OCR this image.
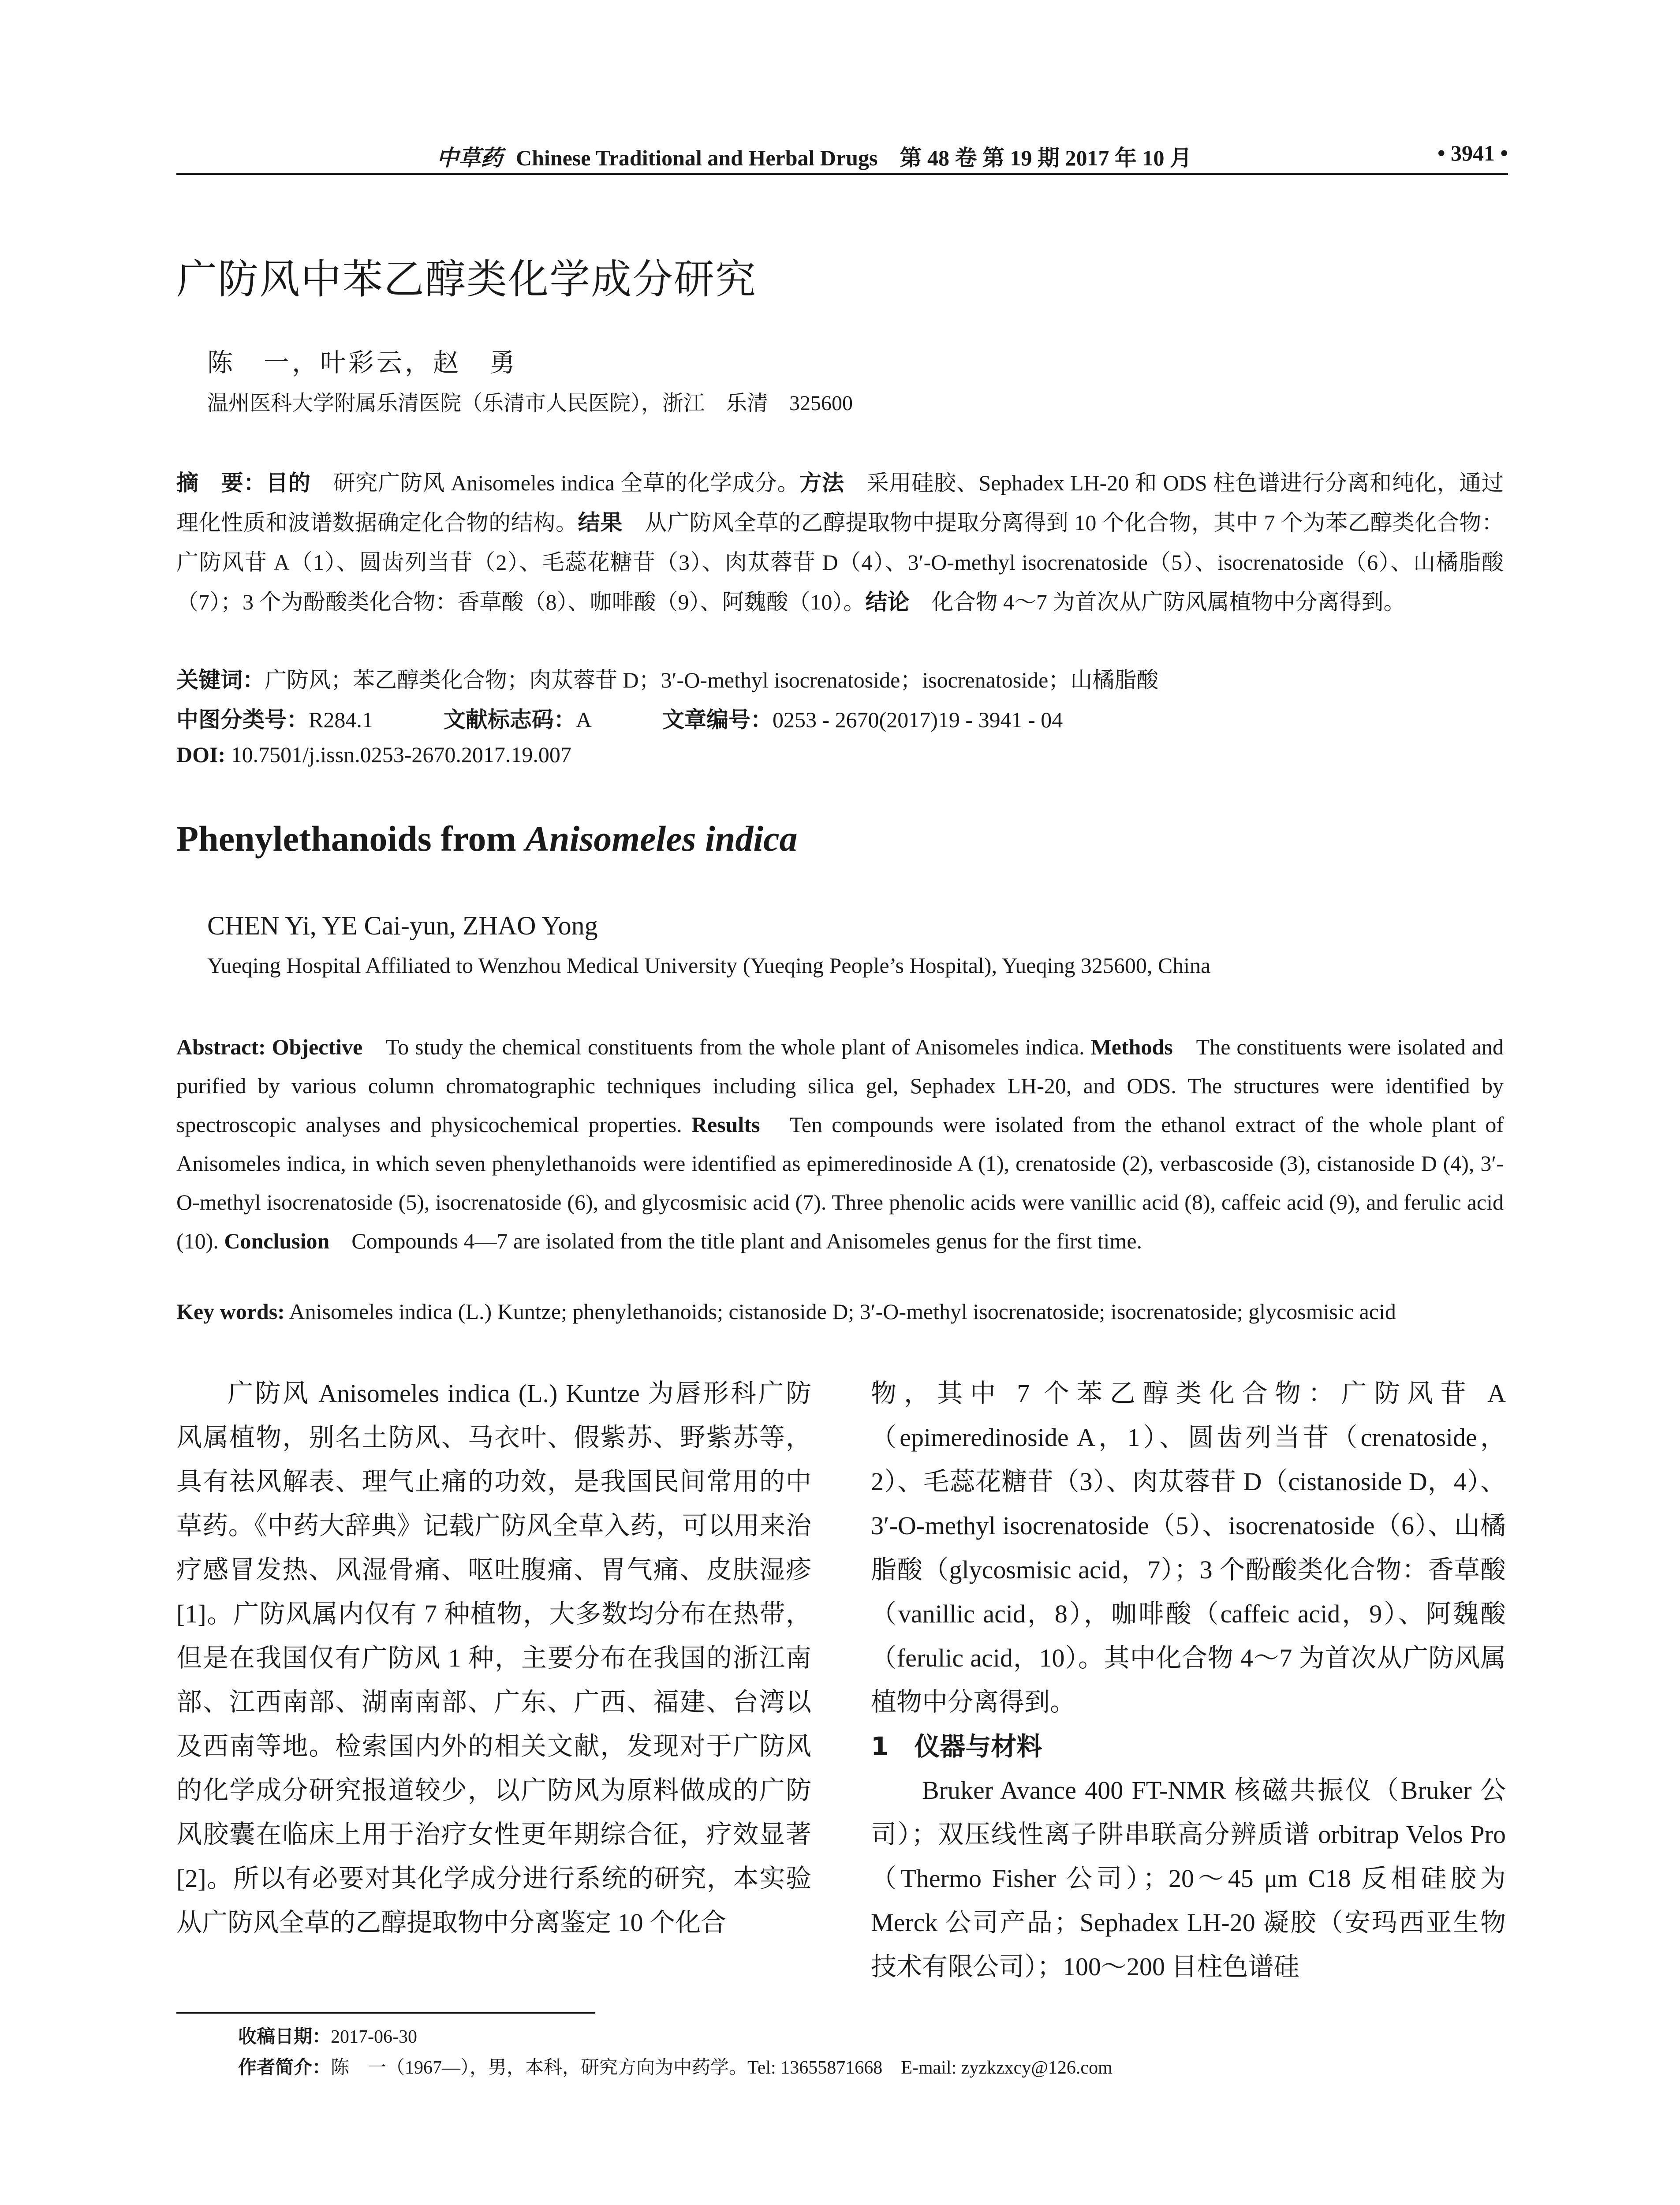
中草药 Chinese Traditional and Herbal Drugs　第 48 卷 第 19 期 2017 年 10 月	• 3941 •
广防风中苯乙醇类化学成分研究
陈　一，叶彩云，赵　勇
温州医科大学附属乐清医院（乐清市人民医院），浙江　乐清　325600
摘　要：目的　研究广防风 Anisomeles indica 全草的化学成分。方法　采用硅胶、Sephadex LH-20 和 ODS 柱色谱进行分离和纯化，通过理化性质和波谱数据确定化合物的结构。结果　从广防风全草的乙醇提取物中提取分离得到 10 个化合物，其中 7 个为苯乙醇类化合物：广防风苷 A（1）、圆齿列当苷（2）、毛蕊花糖苷（3）、肉苁蓉苷 D（4）、3′-O-methyl isocrenatoside（5）、isocrenatoside（6）、山橘脂酸（7）；3 个为酚酸类化合物：香草酸（8）、咖啡酸（9）、阿魏酸（10）。结论　 化合物 4～7 为首次从广防风属植物中分离得到。
关键词：广防风；苯乙醇类化合物；肉苁蓉苷 D；3′-O-methyl isocrenatoside；isocrenatoside；山橘脂酸
中图分类号：R284.1	文献标志码：A	文章编号：0253 - 2670(2017)19 - 3941 - 04
DOI: 10.7501/j.issn.0253-2670.2017.19.007
Phenylethanoids from Anisomeles indica
CHEN Yi, YE Cai-yun, ZHAO Yong
Yueqing Hospital Affiliated to Wenzhou Medical University (Yueqing People’s Hospital), Yueqing 325600, China
Abstract: Objective　To study the chemical constituents from the whole plant of Anisomeles indica. Methods　The constituents were isolated and purified by various column chromatographic techniques including silica gel, Sephadex LH-20, and ODS. The structures were identified by spectroscopic analyses and physicochemical properties. Results　Ten compounds were isolated from the ethanol extract of the whole plant of Anisomeles indica, in which seven phenylethanoids were identified as epimeredinoside A (1), crenatoside (2), verbascoside (3), cistanoside D (4), 3′-O-methyl isocrenatoside (5), isocrenatoside (6), and glycosmisic acid (7). Three phenolic acids were vanillic acid (8), caffeic acid (9), and ferulic acid (10). Conclusion　Compounds 4—7 are isolated from the title plant and Anisomeles genus for the first time.
Key words: Anisomeles indica (L.) Kuntze; phenylethanoids; cistanoside D; 3′-O-methyl isocrenatoside; isocrenatoside; glycosmisic acid

广防风 Anisomeles indica (L.) Kuntze 为唇形科广防风属植物，别名土防风、马衣叶、假紫苏、野紫苏等，具有祛风解表、理气止痛的功效，是我国民间常用的中草药。《中药大辞典》记载广防风全草入药，可以用来治疗感冒发热、风湿骨痛、呕吐腹痛、胃气痛、皮肤湿疹[1]。广防风属内仅有 7 种植物，大多数均分布在热带，但是在我国仅有广防风 1 种，主要分布在我国的浙江南部、江西南部、湖南南部、广东、广西、福建、台湾以及西南等地。检索国内外的相关文献，发现对于广防风的化学成分研究报道较少，以广防风为原料做成的广防风胶囊在临床上用于治疗女性更年期综合征，疗效显著[2]。所以有必要对其化学成分进行系统的研究，本实验从广防风全草的乙醇提取物中分离鉴定 10 个化合

物，其中 7 个苯乙醇类化合物：广防风苷 A（epimeredinoside A，1）、圆齿列当苷（crenatoside，2）、毛蕊花糖苷（3）、肉苁蓉苷 D（cistanoside D，4）、3′-O-methyl isocrenatoside（5）、isocrenatoside（6）、山橘脂酸（glycosmisic acid，7）；3 个酚酸类化合物：香草酸（vanillic acid，8），咖啡酸（caffeic acid，9）、阿魏酸（ferulic acid，10）。其中化合物 4～7 为首次从广防风属植物中分离得到。

1　仪器与材料

Bruker Avance 400 FT-NMR 核磁共振仪（Bruker 公司）；双压线性离子阱串联高分辨质谱 orbitrap Velos Pro（Thermo Fisher 公司）；20～45 μm C18 反相硅胶为 Merck 公司产品；Sephadex LH-20 凝胶（安玛西亚生物技术有限公司）；100～200 目柱色谱硅

收稿日期：2017-06-30
作者简介：陈　一（1967—），男，本科，研究方向为中药学。Tel: 13655871668　E-mail: zyzkzxcy@126.com
